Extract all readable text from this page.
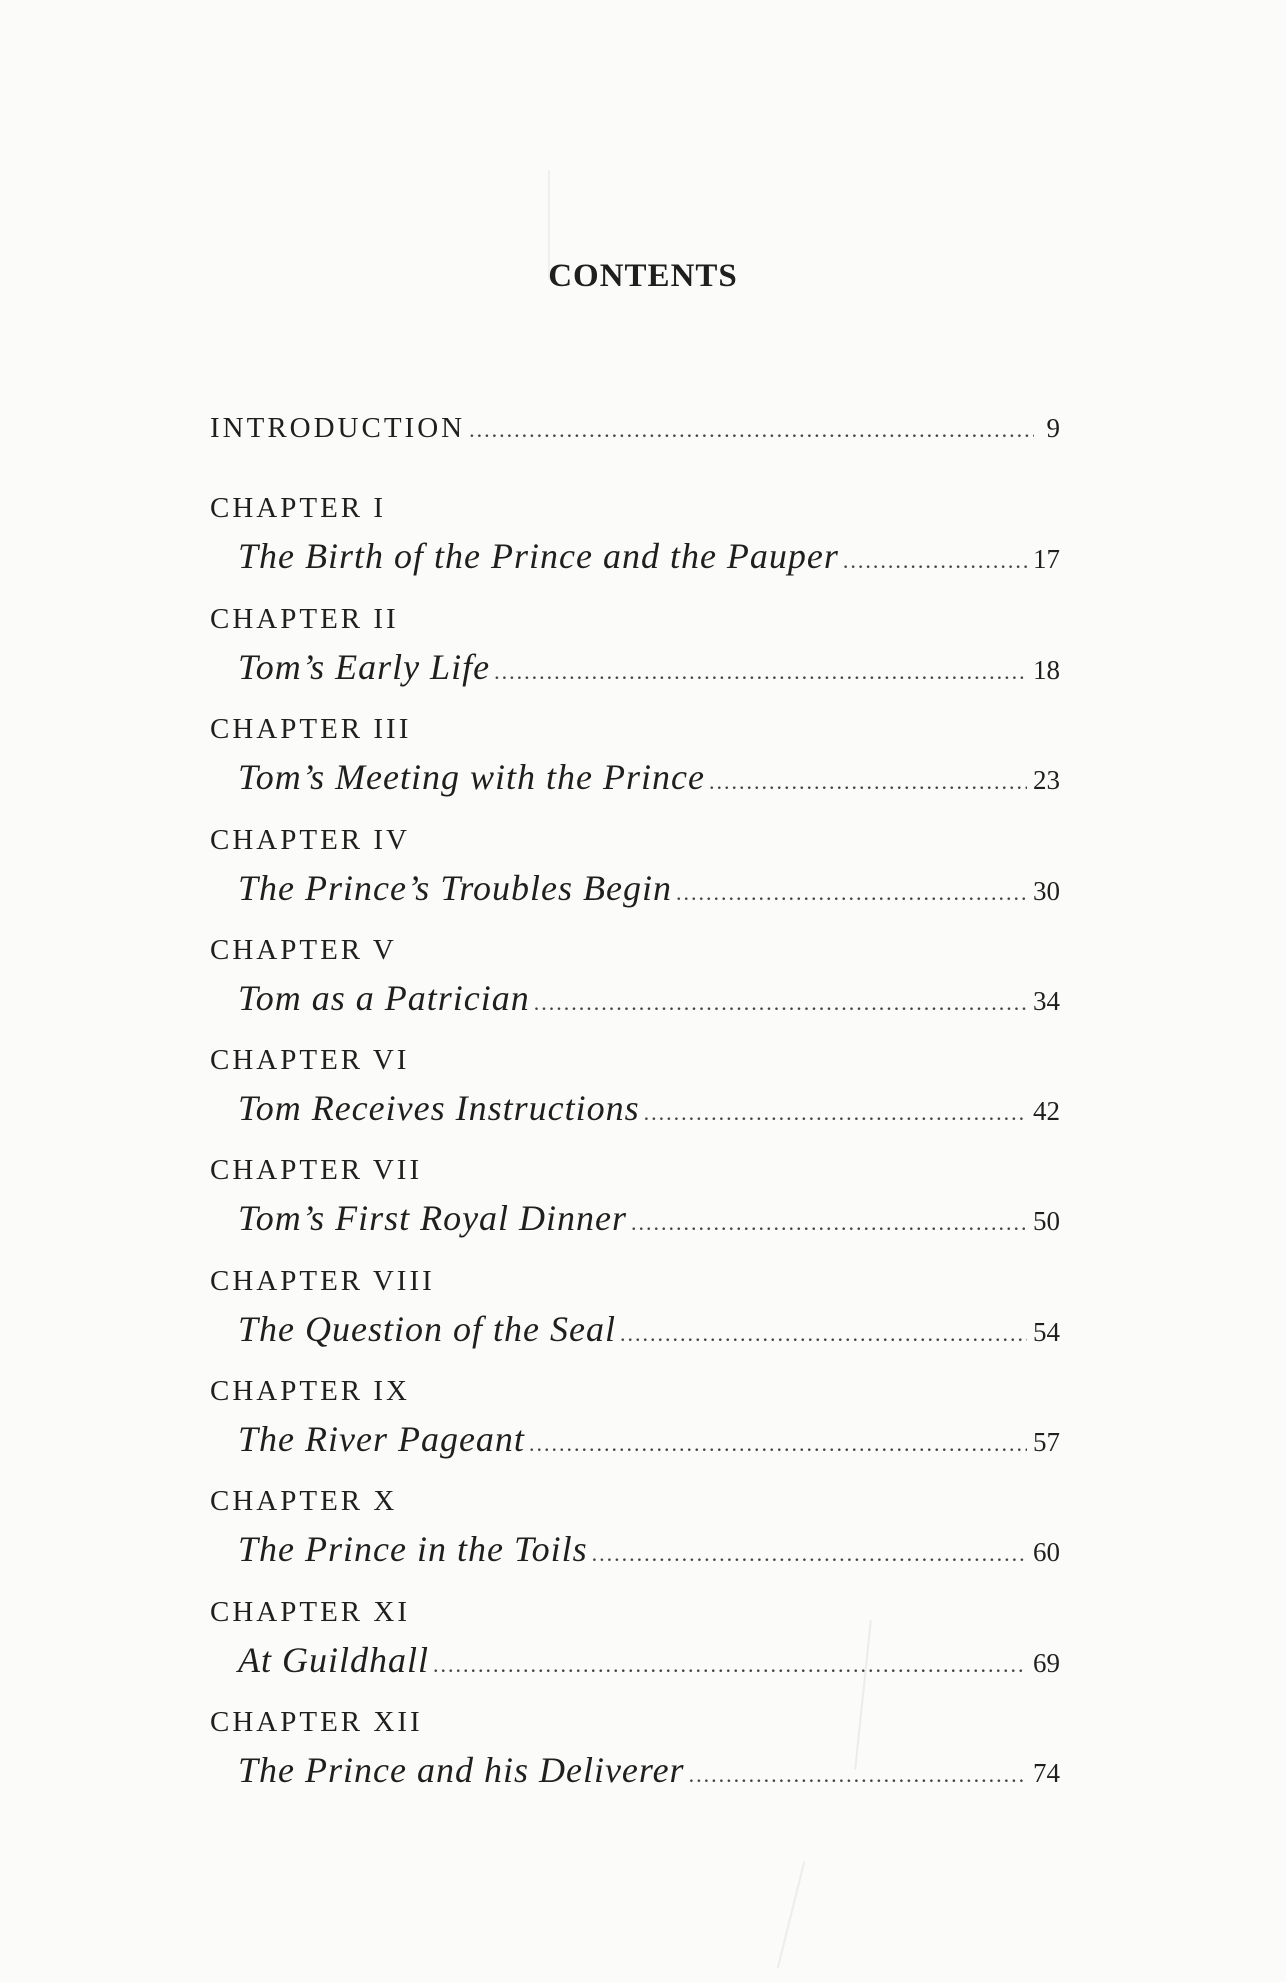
CONTENTS
INTRODUCTION .....	9
CHAPTER I
The Birth of the Prince and the Pauper .....	17
CHAPTER II
Tom’s Early Life .....	18
CHAPTER III
Tom’s Meeting with the Prince .....	23
CHAPTER IV
The Prince’s Troubles Begin .....	30
CHAPTER V
Tom as a Patrician .....	34
CHAPTER VI
Tom Receives Instructions .....	42
CHAPTER VII
Tom’s First Royal Dinner .....	50
CHAPTER VIII
The Question of the Seal .....	54
CHAPTER IX
The River Pageant .....	57
CHAPTER X
The Prince in the Toils .....	60
CHAPTER XI
At Guildhall .....	69
CHAPTER XII
The Prince and his Deliverer .....	74
